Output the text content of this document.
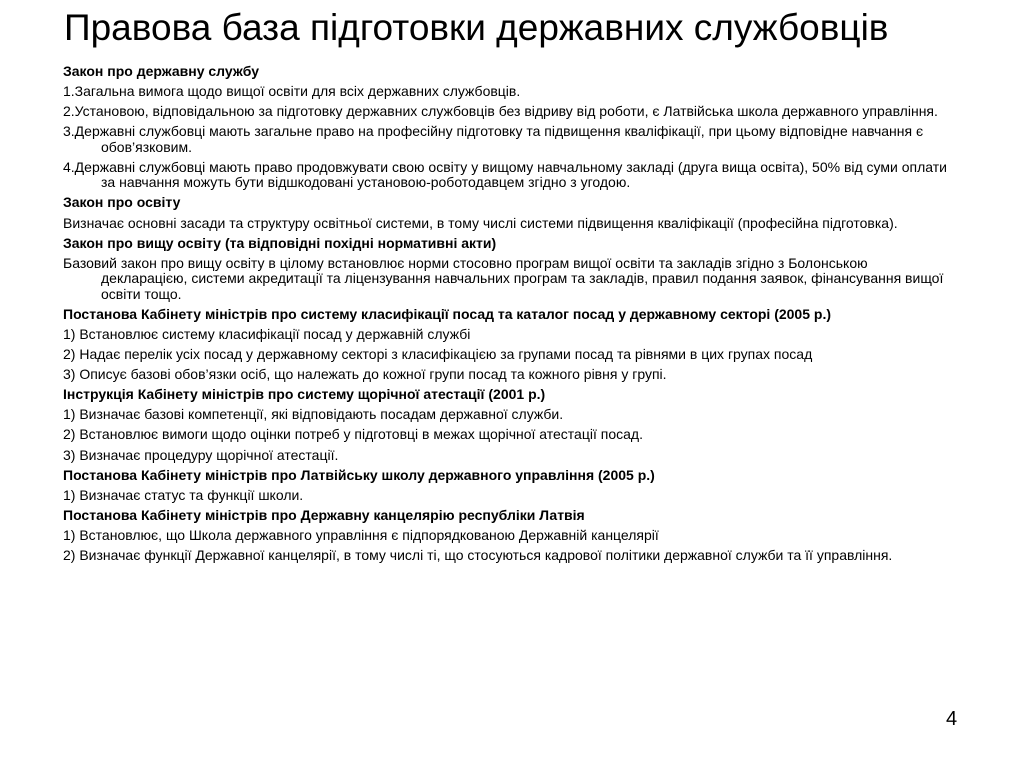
Правова база підготовки державних службовців
Закон про державну службу
1.Загальна вимога щодо вищої освіти для всіх державних службовців.
2.Установою, відповідальною за підготовку державних службовців без відриву від роботи, є Латвійська школа державного управління.
3.Державні службовці мають загальне право на професійну підготовку та підвищення кваліфікації, при цьому відповідне навчання є обов’язковим.
4.Державні службовці мають право продовжувати свою освіту у вищому навчальному закладі (друга вища освіта), 50% від суми оплати за навчання можуть бути відшкодовані установою-роботодавцем згідно з угодою.
Закон про освіту
Визначає основні засади та структуру освітньої системи, в тому числі системи підвищення кваліфікації (професійна підготовка).
Закон про вищу освіту (та відповідні похідні нормативні акти)
Базовий закон про вищу освіту в цілому встановлює норми стосовно програм вищої освіти та закладів згідно з Болонською декларацією, системи акредитації та ліцензування навчальних програм та закладів, правил подання заявок, фінансування вищої освіти тощо.
Постанова Кабінету міністрів про систему класифікації посад та каталог посад у державному секторі (2005 р.)
1) Встановлює систему класифікації посад у державній службі
2) Надає перелік усіх посад у державному секторі з класифікацією за групами посад та рівнями в цих групах посад
3) Описує базові обов’язки осіб, що належать до кожної групи посад та кожного рівня у групі.
Інструкція Кабінету міністрів про систему щорічної атестації (2001 р.)
1) Визначає базові компетенції, які відповідають посадам державної служби.
2) Встановлює вимоги щодо оцінки потреб у підготовці в межах щорічної атестації посад.
3) Визначає процедуру щорічної атестації.
Постанова Кабінету міністрів про Латвійську школу державного управління (2005 р.)
1) Визначає статус та функції школи.
Постанова Кабінету міністрів про Державну канцелярію республіки Латвія
1) Встановлює, що Школа державного управління є підпорядкованою Державній канцелярії
2) Визначає функції Державної канцелярії, в тому числі ті, що стосуються кадрової політики державної служби та її управління.
4
